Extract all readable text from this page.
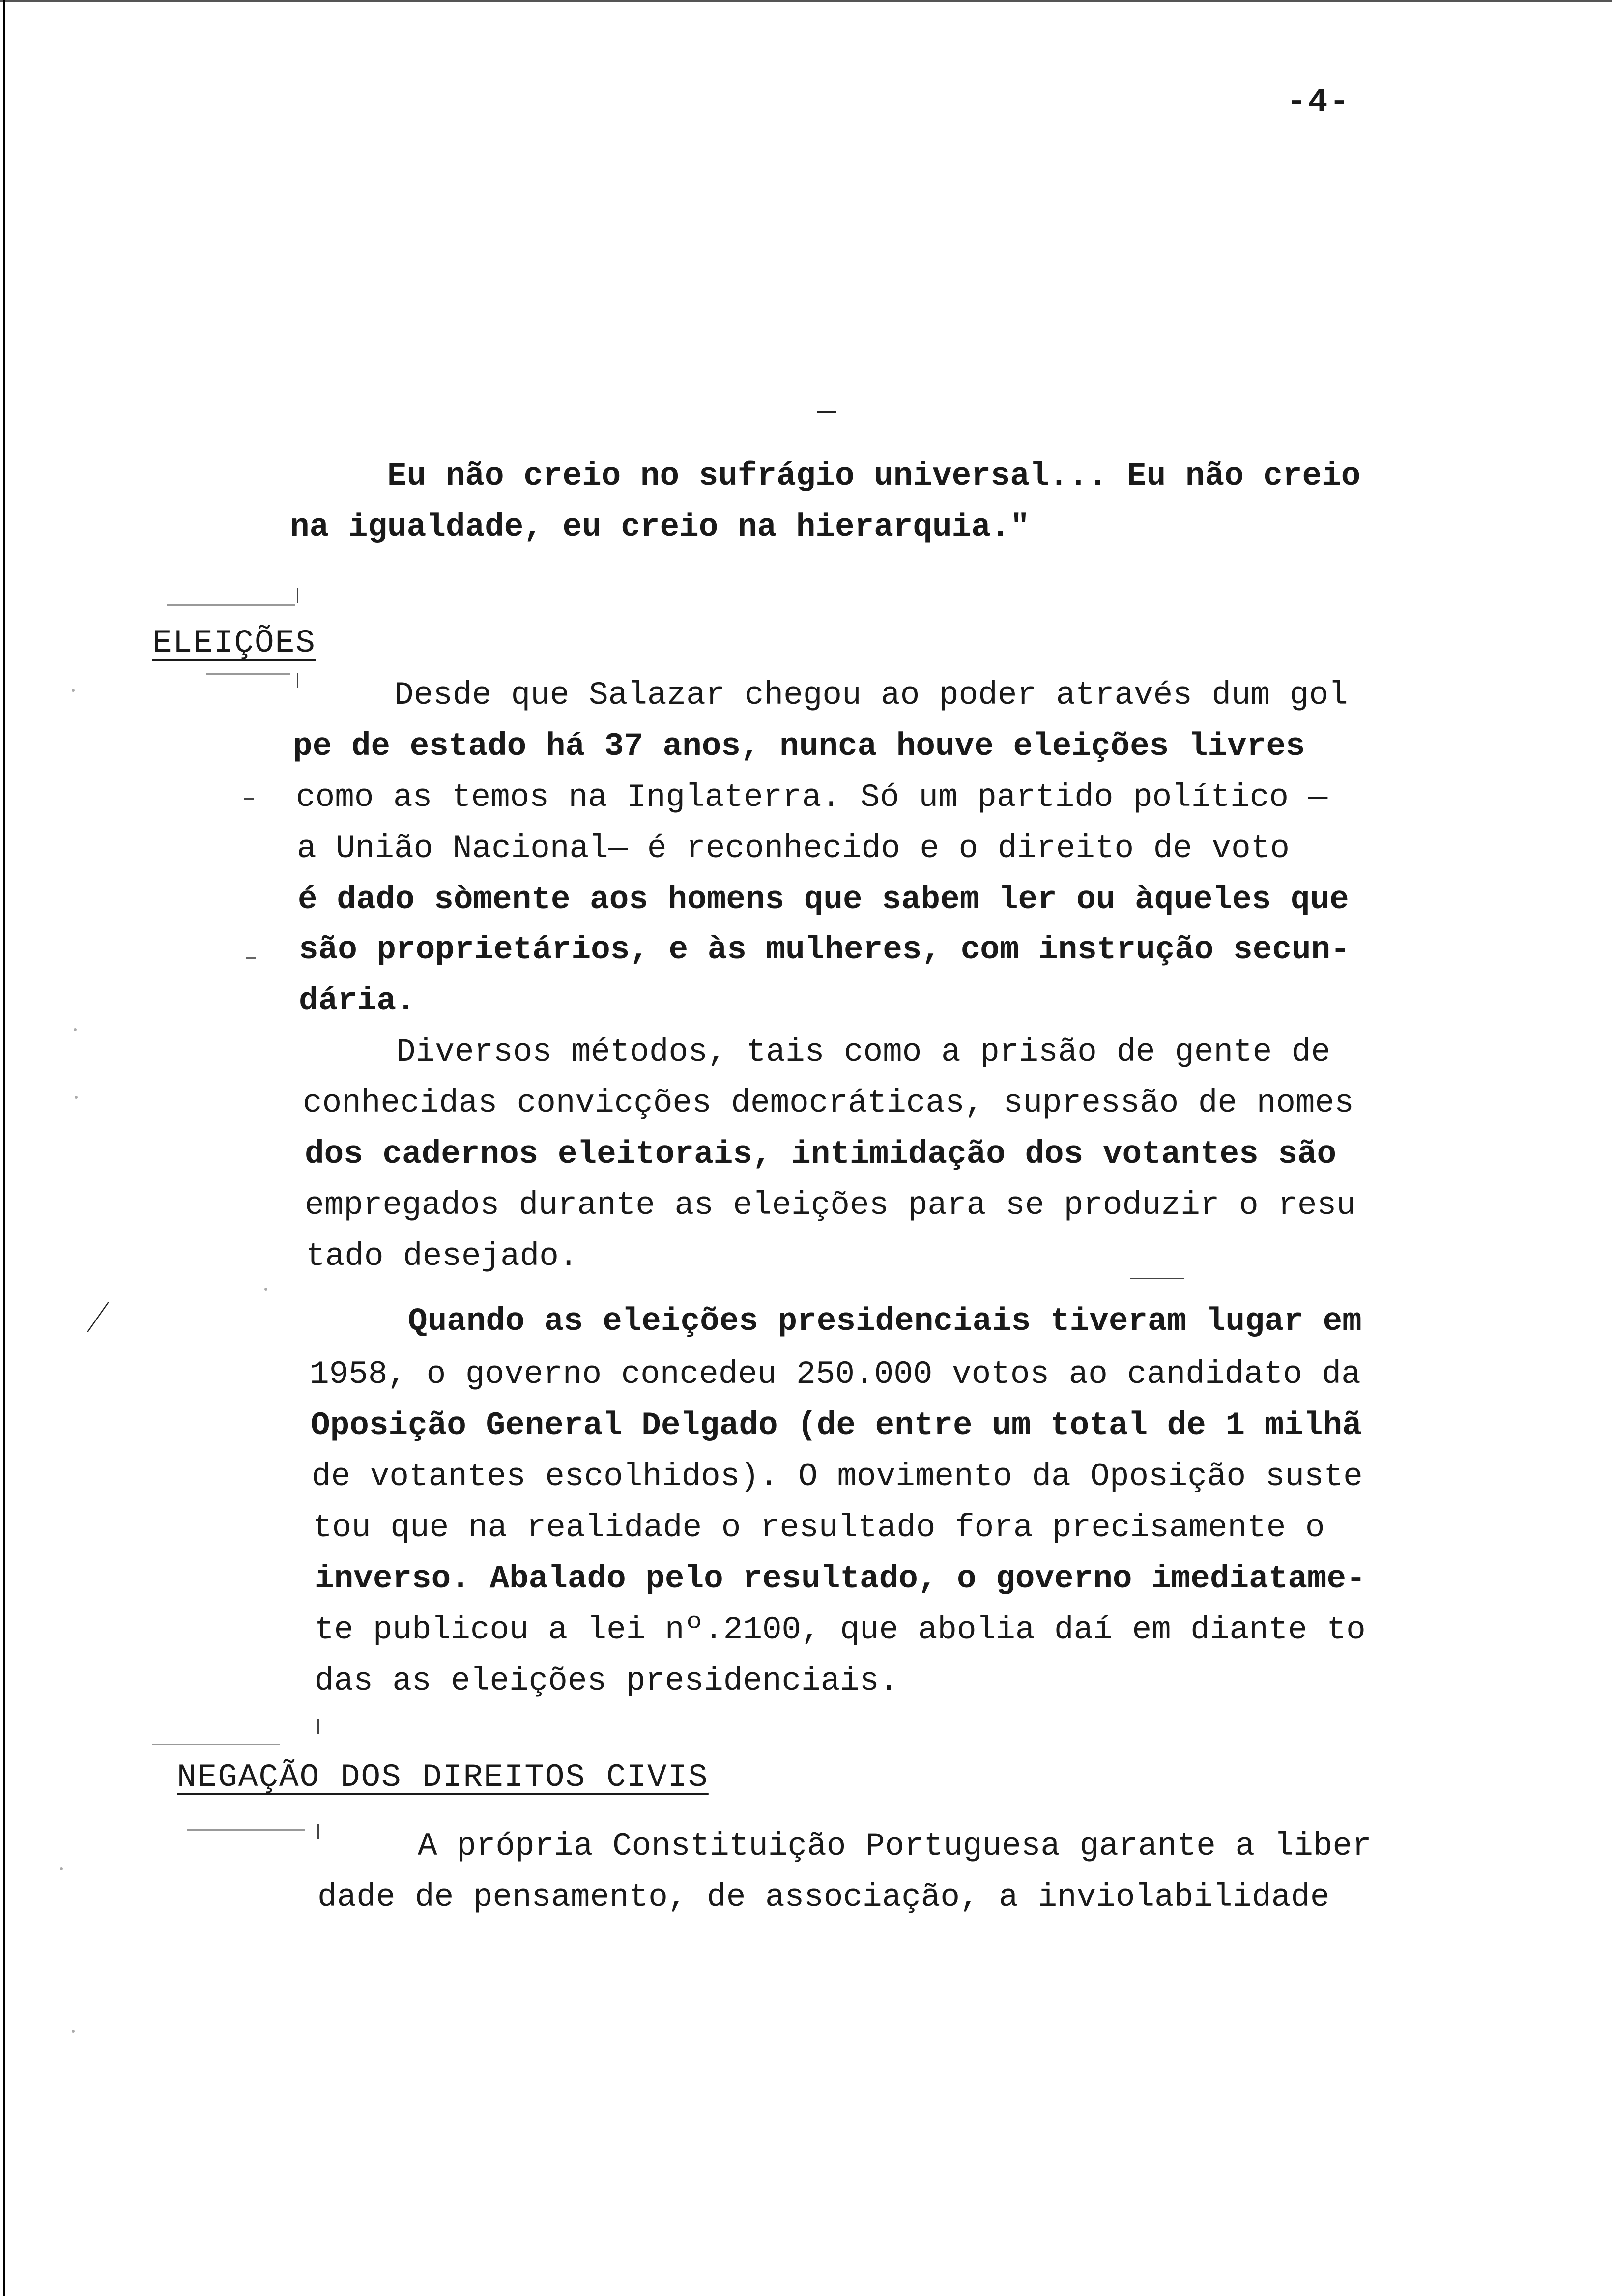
-4-
Eu não creio no sufrágio universal... Eu não creio
na igualdade, eu creio na hierarquia."
ELEIÇÕES
Desde que Salazar chegou ao poder através dum gol
pe de estado há 37 anos, nunca houve eleições livres
como as temos na Inglaterra. Só um partido político —
a União Nacional— é reconhecido e o direito de voto
é dado sòmente aos homens que sabem ler ou àqueles que
são proprietários, e às mulheres, com instrução secun-
dária.
Diversos métodos, tais como a prisão de gente de
conhecidas convicções democráticas, supressão de nomes
dos cadernos eleitorais, intimidação dos votantes são
empregados durante as eleições para se produzir o resu
tado desejado.
Quando as eleições presidenciais tiveram lugar em
1958, o governo concedeu 250.000 votos ao candidato da
Oposição General Delgado (de entre um total de 1 milhã
de votantes escolhidos). O movimento da Oposição suste
tou que na realidade o resultado fora precisamente o
inverso. Abalado pelo resultado, o governo imediatame-
te publicou a lei nº.2100, que abolia daí em diante to
das as eleições presidenciais.
NEGAÇÃO DOS DIREITOS CIVIS
A própria Constituição Portuguesa garante a liber
dade de pensamento, de associação, a inviolabilidade
